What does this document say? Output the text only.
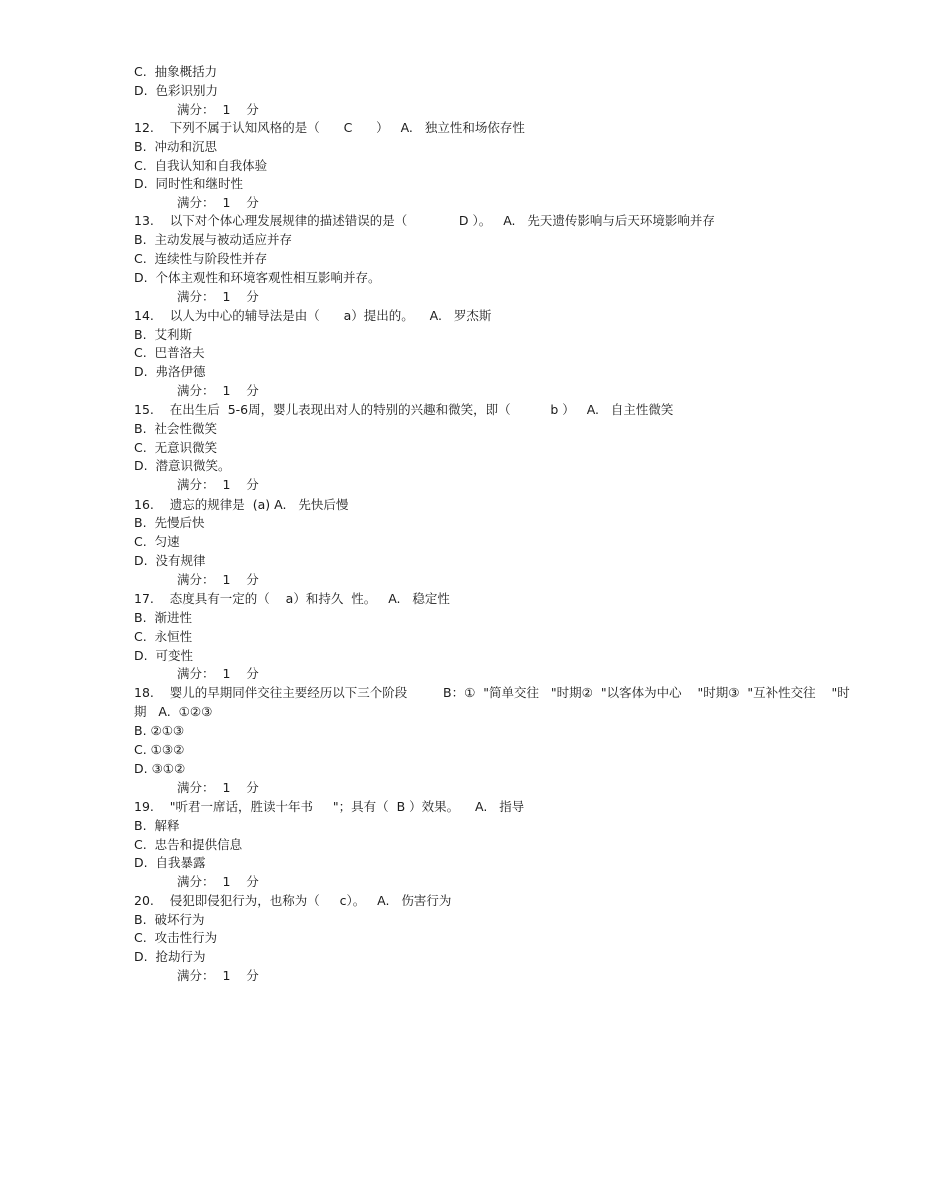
C.  抽象概括力
D.  色彩识别力
满分：  1    分
12.    下列不属于认知风格的是（      C      ）   A.   独立性和场依存性
B.  冲动和沉思
C.  自我认知和自我体验
D.  同时性和继时性
满分：  1    分
13.    以下对个体心理发展规律的描述错误的是（             D ）。   A.   先天遗传影响与后天环境影响并存
B.  主动发展与被动适应并存
C.  连续性与阶段性并存
D.  个体主观性和环境客观性相互影响并存。
满分：  1    分
14.    以人为中心的辅导法是由（      a）提出的。    A.   罗杰斯
B.  艾利斯
C.  巴普洛夫
D.  弗洛伊德
满分：  1    分
15.    在出生后  5-6周，婴儿表现出对人的特别的兴趣和微笑，即（          b ）   A.   自主性微笑
B.  社会性微笑
C.  无意识微笑
D.  潜意识微笑。
满分：  1    分
16.    遗忘的规律是  (a) A.   先快后慢
B.  先慢后快
C.  匀速
D.  没有规律
满分：  1    分
17.    态度具有一定的（    a）和持久  性。   A.   稳定性
B.  渐进性
C.  永恒性
D.  可变性
满分：  1    分
18.    婴儿的早期同伴交往主要经历以下三个阶段         B：①  "简单交往   "时期②  "以客体为中心    "时期③  "互补性交往    "时
期   A.  ①②③
B. ②①③
C. ①③②
D. ③①②
满分：  1    分
19.    "听君一席话，胜读十年书     "；具有（  B ）效果。    A.   指导
B.  解释
C.  忠告和提供信息
D.  自我暴露
满分：  1    分
20.    侵犯即侵犯行为，也称为（     c）。   A.   伤害行为
B.  破坏行为
C.  攻击性行为
D.  抢劫行为
满分：  1    分
